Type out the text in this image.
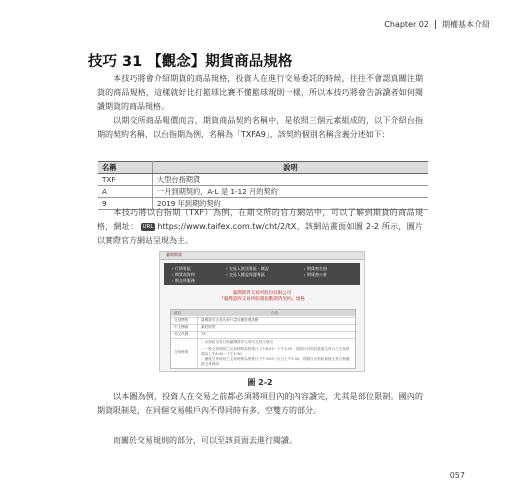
Chapter 02 期權基本介紹
技巧 31 【觀念】期貨商品規格
本技巧將會介紹期貨的商品規格，投資人在進行交易委託的時候，往往不會認真關注期貨的商品規格，這樣就好比打籃球比賽不懂籃球規則一樣，所以本技巧將會告訴讀者如何閱讀期貨的商品規格。
以期交所商品報價而言，期貨商品契約名稱中，是依照三個元素組成的，以下介紹台指期的契約名稱，以台指期為例，名稱為「TXFA9」，該契約個別名稱含義分述如下：
名稱	說明
TXF	大型台指期貨
A	一月到期契約，A-L 是 1-12 月的契約
9	2019 年到期的契約
本技巧將以台指期（TXF）為例，在期交所的官方網站中，可以了解到期貨的商品規格，網址： URL https://www.taifex.com.tw/cht/2/tX，該網站畫面如圖 2-2 所示，圖片以實際官方網站呈現為主。
臺期期貨
› 行情專區	› 交易人資訊專區・概況	› 期貨商名冊
› 期貨商資料	› 交易人權益保護專區	› 期貨商公會
› 期交所服務
臺灣期貨交易所股份有限公司
『臺灣證券交易所股價指數期貨契約』規格
項目	內容
交易標的	臺灣證券交易所發行量加權股價指數
中文簡稱	臺股期貨
英文代碼	TX
交易時段
・本契約交易日與臺灣證券交易所交易日相同
・一般交易時段之交易時間為營業日上午8:45~下午1:45；到期月份契約最後交易日之交易時間為上午8:45~下午1:30
・盤後交易時段之交易時間為營業日下午3:00~次日上午5:00；到期月份契約最後交易日無盤後交易時段
圖 2-2
以本圖為例，投資人在交易之前都必須將項目內的內容讀完，尤其是部位限制。國內的期貨限制是，在同個交易帳戶內不得同時有多、空雙方的部分。
而關於交易規則的部分，可以至該頁面去進行閱讀。
057
